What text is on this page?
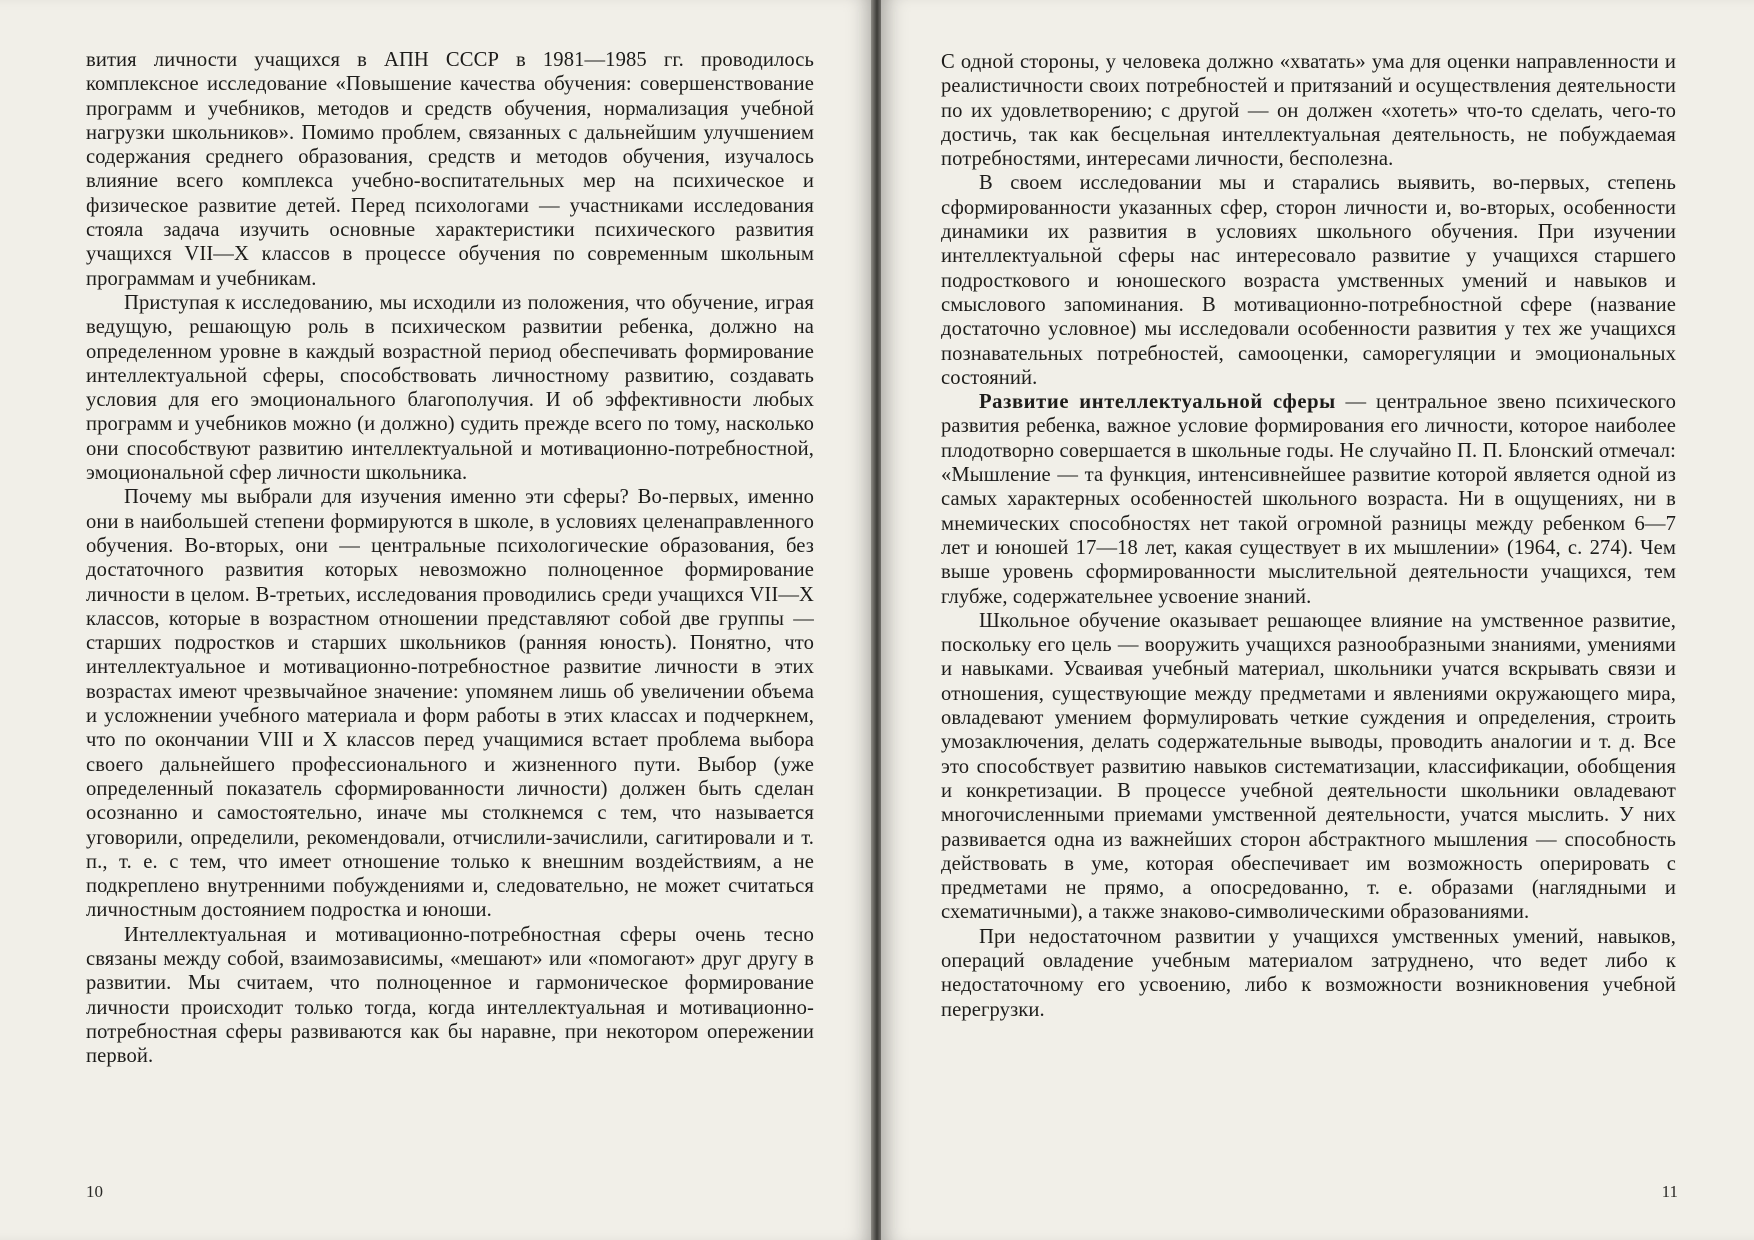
вития личности учащихся в АПН СССР в 1981—1985 гг. проводилось комплексное исследование «Повышение качества обучения: совершенствование программ и учебников, методов и средств обучения, нормализация учебной нагрузки школьников». Помимо проблем, связанных с дальнейшим улучшением содержания среднего образования, средств и методов обучения, изучалось влияние всего комплекса учебно-воспитательных мер на психическое и физическое развитие детей. Перед психологами — участниками исследования стояла задача изучить основные характеристики психического развития учащихся VII—X классов в процессе обучения по современным школьным программам и учебникам.

Приступая к исследованию, мы исходили из положения, что обучение, играя ведущую, решающую роль в психическом развитии ребенка, должно на определенном уровне в каждый возрастной период обеспечивать формирование интеллектуальной сферы, способствовать личностному развитию, создавать условия для его эмоционального благополучия. И об эффективности любых программ и учебников можно (и должно) судить прежде всего по тому, насколько они способствуют развитию интеллектуальной и мотивационно-потребностной, эмоциональной сфер личности школьника.

Почему мы выбрали для изучения именно эти сферы? Во-первых, именно они в наибольшей степени формируются в школе, в условиях целенаправленного обучения. Во-вторых, они — центральные психологические образования, без достаточного развития которых невозможно полноценное формирование личности в целом. В-третьих, исследования проводились среди учащихся VII—X классов, которые в возрастном отношении представляют собой две группы — старших подростков и старших школьников (ранняя юность). Понятно, что интеллектуальное и мотивационно-потребностное развитие личности в этих возрастах имеют чрезвычайное значение: упомянем лишь об увеличении объема и усложнении учебного материала и форм работы в этих классах и подчеркнем, что по окончании VIII и X классов перед учащимися встает проблема выбора своего дальнейшего профессионального и жизненного пути. Выбор (уже определенный показатель сформированности личности) должен быть сделан осознанно и самостоятельно, иначе мы столкнемся с тем, что называется уговорили, определили, рекомендовали, отчислили-зачислили, сагитировали и т. п., т. е. с тем, что имеет отношение только к внешним воздействиям, а не подкреплено внутренними побуждениями и, следовательно, не может считаться личностным достоянием подростка и юноши.

Интеллектуальная и мотивационно-потребностная сферы очень тесно связаны между собой, взаимозависимы, «мешают» или «помогают» друг другу в развитии. Мы считаем, что полноценное и гармоническое формирование личности происходит только тогда, когда интеллектуальная и мотивационно-потребностная сферы развиваются как бы наравне, при некотором опережении первой.

10

С одной стороны, у человека должно «хватать» ума для оценки направленности и реалистичности своих потребностей и притязаний и осуществления деятельности по их удовлетворению; с другой — он должен «хотеть» что-то сделать, чего-то достичь, так как бесцельная интеллектуальная деятельность, не побуждаемая потребностями, интересами личности, бесполезна.

В своем исследовании мы и старались выявить, во-первых, степень сформированности указанных сфер, сторон личности и, во-вторых, особенности динамики их развития в условиях школьного обучения. При изучении интеллектуальной сферы нас интересовало развитие у учащихся старшего подросткового и юношеского возраста умственных умений и навыков и смыслового запоминания. В мотивационно-потребностной сфере (название достаточно условное) мы исследовали особенности развития у тех же учащихся познавательных потребностей, самооценки, саморегуляции и эмоциональных состояний.

Развитие интеллектуальной сферы — центральное звено психического развития ребенка, важное условие формирования его личности, которое наиболее плодотворно совершается в школьные годы. Не случайно П. П. Блонский отмечал: «Мышление — та функция, интенсивнейшее развитие которой является одной из самых характерных особенностей школьного возраста. Ни в ощущениях, ни в мнемических способностях нет такой огромной разницы между ребенком 6—7 лет и юношей 17—18 лет, какая существует в их мышлении» (1964, с. 274). Чем выше уровень сформированности мыслительной деятельности учащихся, тем глубже, содержательнее усвоение знаний.

Школьное обучение оказывает решающее влияние на умственное развитие, поскольку его цель — вооружить учащихся разнообразными знаниями, умениями и навыками. Усваивая учебный материал, школьники учатся вскрывать связи и отношения, существующие между предметами и явлениями окружающего мира, овладевают умением формулировать четкие суждения и определения, строить умозаключения, делать содержательные выводы, проводить аналогии и т. д. Все это способствует развитию навыков систематизации, классификации, обобщения и конкретизации. В процессе учебной деятельности школьники овладевают многочисленными приемами умственной деятельности, учатся мыслить. У них развивается одна из важнейших сторон абстрактного мышления — способность действовать в уме, которая обеспечивает им возможность оперировать с предметами не прямо, а опосредованно, т. е. образами (наглядными и схематичными), а также знаково-символическими образованиями.

При недостаточном развитии у учащихся умственных умений, навыков, операций овладение учебным материалом затруднено, что ведет либо к недостаточному его усвоению, либо к возможности возникновения учебной перегрузки.

11
